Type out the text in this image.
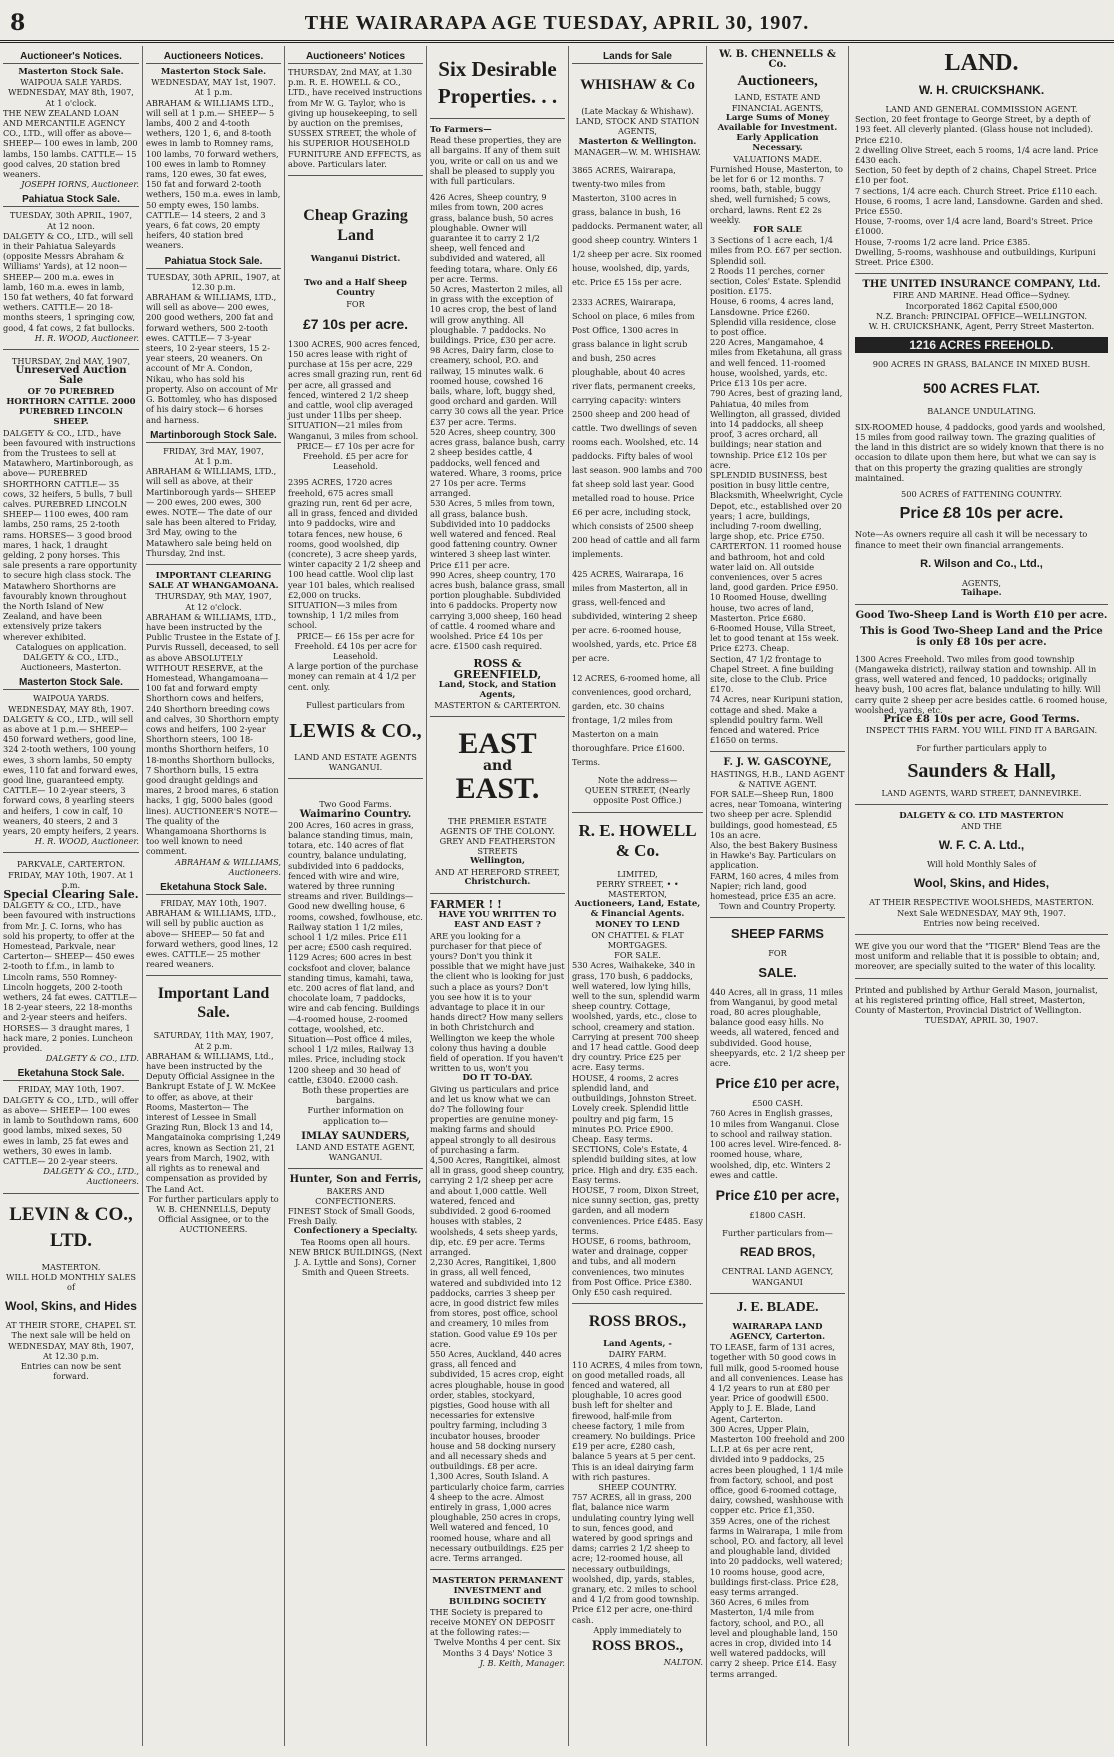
8	THE WAIRARAPA AGE TUESDAY, APRIL 30, 1907.
Auctioneer's Notices.
Masterton Stock Sale.
WAIPOUA SALE YARDS.
WEDNESDAY, MAY 8th, 1907,
At 1 o'clock.

THE NEW ZEALAND LOAN AND MERCANTILE AGENCY CO., LTD., will offer as above— SHEEP— 100 ewes in lamb, 200 lambs, 150 lambs. CATTLE— 15 good calves, 20 station bred weaners.

JOSEPH IORNS, Auctioneer.
Pahiatua Stock Sale.
TUESDAY, 30th APRIL, 1907,
At 12 noon.

DALGETY & CO., LTD., will sell in their Pahiatua Saleyards (opposite Messrs Abraham & Williams' Yards), at 12 noon— SHEEP— 200 m.a. ewes in lamb, 160 m.a. ewes in lamb, 150 fat wethers, 40 fat forward wethers. CATTLE— 20 18-months steers, 1 springing cow, good, 4 fat cows, 2 fat bullocks.

H. R. WOOD, Auctioneer.
THURSDAY, 2nd MAY, 1907,
Unreserved Auction Sale
OF 70 PUREBRED HORTHORN CATTLE. 2000 PUREBRED LINCOLN SHEEP.

DALGETY & CO., LTD., have been favoured with instructions from the Trustees to sell at Matawhero, Martinborough, as above— PUREBRED SHORTHORN CATTLE— 35 cows, 32 heifers, 5 bulls, 7 bull calves. PUREBRED LINCOLN SHEEP— 1100 ewes, 400 ram lambs, 250 rams, 25 2-tooth rams. HORSES— 3 good brood mares, 1 hack, 1 draught gelding, 2 pony horses. This sale presents a rare opportunity to secure high class stock. The Matawhero Shorthorns are favourably known throughout the North Island of New Zealand, and have been extensively prize takers wherever exhibited.

Catalogues on application. DALGETY & CO., LTD., Auctioneers, Masterton.
Masterton Stock Sale.
WAIPOUA YARDS.
WEDNESDAY, MAY 8th, 1907.

DALGETY & CO., LTD., will sell as above at 1 p.m.— SHEEP— 450 forward wethers, good line, 324 2-tooth wethers, 100 young ewes, 3 shorn lambs, 50 empty ewes, 110 fat and forward ewes, good line, guaranteed empty. CATTLE— 10 2-year steers, 3 forward cows, 8 yearling steers and heifers, 1 cow in calf, 10 weaners, 40 steers, 2 and 3 years, 20 empty heifers, 2 years.

H. R. WOOD, Auctioneer.
PARKVALE, CARTERTON. FRIDAY, MAY 10th, 1907. At 1 p.m.
Special Clearing Sale.

DALGETY & CO., LTD., have been favoured with instructions from Mr. J. C. Iorns, who has sold his property, to offer at the Homestead, Parkvale, near Carterton— SHEEP— 450 ewes 2-tooth to f.f.m., in lamb to Lincoln rams, 550 Romney-Lincoln hoggets, 200 2-tooth wethers, 24 fat ewes. CATTLE— 18 2-year steers, 22 18-months and 2-year steers and heifers. HORSES— 3 draught mares, 1 hack mare, 2 ponies. Luncheon provided.

DALGETY & CO., LTD.
Eketahuna Stock Sale.
FRIDAY, MAY 10th, 1907.

DALGETY & CO., LTD., will offer as above— SHEEP— 100 ewes in lamb to Southdown rams, 600 good lambs, mixed sexes, 50 ewes in lamb, 25 fat ewes and wethers, 30 ewes in lamb. CATTLE— 20 2-year steers.

DALGETY & CO., LTD., Auctioneers.
LEVIN & CO., LTD.
MASTERTON.
WILL HOLD MONTHLY SALES of
Wool, Skins, and Hides
AT THEIR STORE, CHAPEL ST.
The next sale will be held on WEDNESDAY, MAY 8th, 1907, At 12.30 p.m.
Entries can now be sent forward.
Auctioneers Notices.
Masterton Stock Sale.
WEDNESDAY, MAY 1st, 1907.
At 1 p.m.

ABRAHAM & WILLIAMS LTD., will sell at 1 p.m.— SHEEP— 5 lambs, 400 2 and 4-tooth wethers, 120 1, 6, and 8-tooth ewes in lamb to Romney rams, 100 lambs, 70 forward wethers, 100 ewes in lamb to Romney rams, 120 ewes, 30 fat ewes, 150 fat and forward 2-tooth wethers, 150 m.a. ewes in lamb, 50 empty ewes, 150 lambs. CATTLE— 14 steers, 2 and 3 years, 6 fat cows, 20 empty heifers, 40 station bred weaners.

Pahiatua Stock Sale.
TUESDAY, 30th APRIL, 1907, at 12.30 p.m.

ABRAHAM & WILLIAMS, LTD., will sell as above— 200 ewes, 200 good wethers, 200 fat and forward wethers, 500 2-tooth ewes. CATTLE— 7 3-year steers, 10 2-year steers, 15 2-year steers, 20 weaners. On account of Mr A. Condon, Nikau, who has sold his property. Also on account of Mr G. Bottomley, who has disposed of his dairy stock— 6 horses and harness.

Martinborough Stock Sale.
FRIDAY, 3rd MAY, 1907,
At 1 p.m.

ABRAHAM & WILLIAMS, LTD., will sell as above, at their Martinborough yards— SHEEP— 200 ewes, 200 ewes, 300 ewes. NOTE— The date of our sale has been altered to Friday, 3rd May, owing to the Matawhero sale being held on Thursday, 2nd inst.

IMPORTANT CLEARING SALE AT WHANGAMOANA.
THURSDAY, 9th MAY, 1907,
At 12 o'clock.

ABRAHAM & WILLIAMS, LTD., have been instructed by the Public Trustee in the Estate of J. Purvis Russell, deceased, to sell as above ABSOLUTELY WITHOUT RESERVE, at the Homestead, Whangamoana— 100 fat and forward empty Shorthorn cows and heifers, 240 Shorthorn breeding cows and calves, 30 Shorthorn empty cows and heifers, 100 2-year Shorthorn steers, 100 18-months Shorthorn heifers, 10 18-months Shorthorn bullocks, 7 Shorthorn bulls, 15 extra good draught geldings and mares, 2 brood mares, 6 station hacks, 1 gig, 5000 bales (good lines). AUCTIONEER'S NOTE— The quality of the Whangamoana Shorthorns is too well known to need comment.

ABRAHAM & WILLIAMS, Auctioneers.
Eketahuna Stock Sale.
FRIDAY, MAY 10th, 1907.

ABRAHAM & WILLIAMS, LTD., will sell by public auction as above— SHEEP— 50 fat and forward wethers, good lines, 12 ewes. CATTLE— 25 mother reared weaners.

Important Land Sale.
SATURDAY, 11th MAY, 1907,
At 2 p.m.

ABRAHAM & WILLIAMS, Ltd., have been instructed by the Deputy Official Assignee in the Bankrupt Estate of J. W. McKee to offer, as above, at their Rooms, Masterton— The interest of Lessee in Small Grazing Run, Block 13 and 14, Mangatainoka comprising 1,249 acres, known as Section 21, 21 years from March, 1902, with all rights as to renewal and compensation as provided by The Land Act.

For further particulars apply to W. B. CHENNELLS, Deputy Official Assignee, or to the AUCTIONEERS.
Auctioneers' Notices

THURSDAY, 2nd MAY, at 1.30 p.m. R. E. HOWELL & CO., LTD., have received instructions from Mr W. G. Taylor, who is giving up housekeeping, to sell by auction on the premises, SUSSEX STREET, the whole of his SUPERIOR HOUSEHOLD FURNITURE AND EFFECTS, as above. Particulars later.

Cheap Grazing Land
Wanganui District.
Two and a Half Sheep Country
FOR
£7 10s per acre.

1300 ACRES, 900 acres fenced, 150 acres lease with right of purchase at 15s per acre, 229 acres small grazing run, rent 6d per acre, all grassed and fenced, wintered 2 1/2 sheep and cattle, wool clip averaged just under 11lbs per sheep.

SITUATION—21 miles from Wanganui, 3 miles from school.

PRICE— £7 10s per acre for Freehold. £5 per acre for Leasehold.

2395 ACRES, 1720 acres freehold, 675 acres small grazing run, rent 6d per acre, all in grass, fenced and divided into 9 paddocks, wire and totara fences, new house, 6 rooms, good woolshed, dip (concrete), 3 acre sheep yards, winter capacity 2 1/2 sheep and 100 head cattle. Wool clip last year 101 bales, which realised £2,000 on trucks.

SITUATION—3 miles from township, 1 1/2 miles from school.

PRICE— £6 15s per acre for Freehold. £4 10s per acre for Leasehold.

A large portion of the purchase money can remain at 4 1/2 per cent. only.

Fullest particulars from
LEWIS & CO.,
LAND AND ESTATE AGENTS WANGANUI.
Two Good Farms.
Waimarino Country.

200 Acres, 160 acres in grass, balance standing timus, main, totara, etc. 140 acres of flat country, balance undulating, subdivided into 6 paddocks, fenced with wire and wire, watered by three running streams and river. Buildings—Good new dwelling house, 6 rooms, cowshed, fowlhouse, etc. Railway station 1 1/2 miles, school 1 1/2 miles. Price £11 per acre; £500 cash required.

1129 Acres; 600 acres in best cocksfoot and clover, balance standing timus, kamahi, tawa, etc. 200 acres of flat land, and chocolate loam, 7 paddocks, wire and cab fencing. Buildings—4-roomed house, 2-roomed cottage, woolshed, etc. Situation—Post office 4 miles, school 1 1/2 miles, Railway 13 miles. Price, including stock 1200 sheep and 30 head of cattle, £3040. £2000 cash.

Both these properties are bargains.
Further information on application to—
IMLAY SAUNDERS,
LAND AND ESTATE AGENT, WANGANUI.
Hunter, Son and Ferris,
BAKERS AND CONFECTIONERS.

FINEST Stock of Small Goods, Fresh Daily.

Confectionery a Specialty.
Tea Rooms open all hours.
NEW BRICK BUILDINGS, (Next J. A. Lyttle and Sons), Corner Smith and Queen Streets.
Six Desirable Properties. . .
To Farmers—

Read these properties, they are all bargains. If any of them suit you, write or call on us and we shall be pleased to supply you with full particulars.

426 Acres, Sheep country, 9 miles from town, 200 acres grass, balance bush, 50 acres ploughable. Owner will guarantee it to carry 2 1/2 sheep, well fenced and subdivided and watered, all feeding totara, whare. Only £6 per acre. Terms.

50 Acres, Masterton 2 miles, all in grass with the exception of 10 acres crop, the best of land will grow anything. All ploughable. 7 paddocks. No buildings. Price, £30 per acre.

98 Acres, Dairy farm, close to creamery, school, P.O. and railway, 15 minutes walk. 6 roomed house, cowshed 16 bails, whare, loft, buggy shed, good orchard and garden. Will carry 30 cows all the year. Price £37 per acre. Terms.

520 Acres, sheep country, 300 acres grass, balance bush, carry 2 sheep besides cattle, 4 paddocks, well fenced and watered. Whare, 3 rooms, price 27 10s per acre. Terms arranged.

530 Acres, 5 miles from town, all grass, balance bush. Subdivided into 10 paddocks well watered and fenced. Real good fattening country. Owner wintered 3 sheep last winter. Price £11 per acre.

990 Acres, sheep country, 170 acres bush, balance grass, small portion ploughable. Subdivided into 6 paddocks. Property now carrying 3,000 sheep, 160 head of cattle. 4 roomed whare and woolshed. Price £4 10s per acre. £1500 cash required.

ROSS & GREENFIELD,
Land, Stock, and Station Agents,
MASTERTON & CARTERTON.
EAST
and
EAST.
THE PREMIER ESTATE AGENTS OF THE COLONY.
GREY AND FEATHERSTON STREETS
Wellington,
AND AT HEREFORD STREET,
Christchurch.
FARMER ! !
HAVE YOU WRITTEN TO EAST AND EAST ?

ARE you looking for a purchaser for that piece of yours? Don't you think it possible that we might have just the client who is looking for just such a place as yours? Don't you see how it is to your advantage to place it in our hands direct? How many sellers in both Christchurch and Wellington we keep the whole colony thus having a double field of operation. If you haven't written to us, won't you

DO IT TO-DAY.

Giving us particulars and price and let us know what we can do? The following four properties are genuine money-making farms and should appeal strongly to all desirous of purchasing a farm.

4,500 Acres, Rangitikei, almost all in grass, good sheep country, carrying 2 1/2 sheep per acre and about 1,000 cattle. Well watered, fenced and subdivided. 2 good 6-roomed houses with stables, 2 woolsheds, 4 sets sheep yards, dip, etc. £9 per acre. Terms arranged.

2,230 Acres, Rangitikei, 1,800 in grass, all well fenced, watered and subdivided into 12 paddocks, carries 3 sheep per acre, in good district few miles from stores, post office, school and creamery, 10 miles from station. Good value £9 10s per acre.

550 Acres, Auckland, 440 acres grass, all fenced and subdivided, 15 acres crop, eight acres ploughable, house in good order, stables, stockyard, pigsties, Good house with all necessaries for extensive poultry farming, including 3 incubator houses, brooder house and 58 docking nursery and all necessary sheds and outbuildings. £8 per acre.

1,300 Acres, South Island. A particularly choice farm, carries 4 sheep to the acre. Almost entirely in grass, 1,000 acres ploughable, 250 acres in crops, Well watered and fenced, 10 roomed house, whare and all necessary outbuildings. £25 per acre. Terms arranged.

MASTERTON PERMANENT INVESTMENT and BUILDING SOCIETY

THE Society is prepared to receive MONEY ON DEPOSIT at the following rates:—

Twelve Months 4 per cent. Six Months 3 4 Days' Notice 3
J. B. Keith, Manager.
Lands for Sale
WHISHAW & Co
(Late Mackay & Whishaw).
LAND, STOCK AND STATION AGENTS,
Masterton & Wellington.
MANAGER—W. M. WHISHAW.

3865 ACRES, Wairarapa, twenty-two miles from Masterton, 3100 acres in grass, balance in bush, 16 paddocks. Permanent water, all good sheep country. Winters 1 1/2 sheep per acre. Six roomed house, woolshed, dip, yards, etc. Price £5 15s per acre.

2333 ACRES, Wairarapa, School on place, 6 miles from Post Office, 1300 acres in grass balance in light scrub and bush, 250 acres ploughable, about 40 acres river flats, permanent creeks, carrying capacity: winters 2500 sheep and 200 head of cattle. Two dwellings of seven rooms each. Woolshed, etc. 14 paddocks. Fifty bales of wool last season. 900 lambs and 700 fat sheep sold last year. Good metalled road to house. Price £6 per acre, including stock, which consists of 2500 sheep 200 head of cattle and all farm implements.

425 ACRES, Wairarapa, 16 miles from Masterton, all in grass, well-fenced and subdivided, wintering 2 sheep per acre. 6-roomed house, woolshed, yards, etc. Price £8 per acre.

12 ACRES, 6-roomed home, all conveniences, good orchard, garden, etc. 30 chains frontage, 1/2 miles from Masterton on a main thoroughfare. Price £1600. Terms.

Note the address—
QUEEN STREET, (Nearly opposite Post Office.)
R. E. HOWELL & Co.
LIMITED,
PERRY STREET, • • MASTERTON,
Auctioneers, Land, Estate, & Financial Agents.
MONEY TO LEND
ON CHATTEL & FLAT MORTGAGES.
FOR SALE.

530 Acres, Waihakeke, 340 in grass, 170 bush, 6 paddocks, well watered, low lying hills, well to the sun, splendid warm sheep country. Cottage, woolshed, yards, etc., close to school, creamery and station. Carrying at present 700 sheep and 17 head cattle. Good deep dry country. Price £25 per acre. Easy terms.

HOUSE, 4 rooms, 2 acres splendid land, and outbuildings, Johnston Street. Lovely creek. Splendid little poultry and pig farm, 15 minutes P.O. Price £900. Cheap. Easy terms.

SECTIONS, Cole's Estate, 4 splendid building sites, at low price. High and dry. £35 each. Easy terms.

HOUSE, 7 room, Dixon Street, nice sunny section, gas, pretty garden, and all modern conveniences. Price £485. Easy terms.

HOUSE, 6 rooms, bathroom, water and drainage, copper and tubs, and all modern conveniences, two minutes from Post Office. Price £380. Only £50 cash required.

ROSS BROS.,
Land Agents, -
DAIRY FARM.

110 ACRES, 4 miles from town, on good metalled roads, all fenced and watered, all ploughable, 10 acres good bush left for shelter and firewood, half-mile from cheese factory, 1 mile from creamery. No buildings. Price £19 per acre, £280 cash, balance 5 years at 5 per cent. This is an ideal dairying farm with rich pastures.

SHEEP COUNTRY.

757 ACRES, all in grass, 200 flat, balance nice warm undulating country lying well to sun, fences good, and watered by good springs and dams; carries 2 1/2 sheep to acre; 12-roomed house, all necessary outbuildings, woolshed, dip, yards, stables, granary, etc. 2 miles to school and 4 1/2 from good township. Price £12 per acre, one-third cash.

Apply immediately to
ROSS BROS.,
NALTON.
W. B. CHENNELLS & Co.
Auctioneers,
LAND, ESTATE AND FINANCIAL AGENTS,
Large Sums of Money Available for Investment.
Early Application Necessary.
VALUATIONS MADE.

Furnished House, Masterton, to be let for 6 or 12 months. 7 rooms, bath, stable, buggy shed, well furnished; 5 cows, orchard, lawns. Rent £2 2s weekly.

FOR SALE

3 Sections of 1 acre each, 1/4 miles from P.O. £67 per section. Splendid soil.

2 Roods 11 perches, corner section, Coles' Estate. Splendid position. £175.

House, 6 rooms, 4 acres land, Lansdowne. Price £260. Splendid villa residence, close to post office.

220 Acres, Mangamahoe, 4 miles from Eketahuna, all grass and well fenced. 11-roomed house, woolshed, yards, etc. Price £13 10s per acre.

790 Acres, best of grazing land, Pahiatua, 40 miles from Wellington, all grassed, divided into 14 paddocks, all sheep proof, 3 acres orchard, all buildings; near station and township. Price £12 10s per acre.

SPLENDID BUSINESS, best position in busy little centre, Blacksmith, Wheelwright, Cycle Depot, etc., established over 20 years; 1 acre, buildings, including 7-room dwelling, large shop, etc. Price £750.

CARTERTON. 11 roomed house and bathroom, hot and cold water laid on. All outside conveniences, over 5 acres land, good garden. Price £950.

10 Roomed House, dwelling house, two acres of land, Masterton. Price £680.

6-Roomed House, Villa Street, let to good tenant at 15s week. Price £273. Cheap.

Section, 47 1/2 frontage to Chapel Street. A fine building site, close to the Club. Price £170.

74 Acres, near Kuripuni station, cottage and shed. Make a splendid poultry farm. Well fenced and watered. Price £1650 on terms.

F. J. W. GASCOYNE,
HASTINGS, H.B., LAND AGENT & NATIVE AGENT.

FOR SALE—Sheep Run, 1800 acres, near Tomoana, wintering two sheep per acre. Splendid buildings, good homestead, £5 10s an acre.

Also, the best Bakery Business in Hawke's Bay. Particulars on application.

FARM, 160 acres, 4 miles from Napier; rich land, good homestead, price £35 an acre.

Town and Country Property.
SHEEP FARMS
FOR
SALE.

440 Acres, all in grass, 11 miles from Wanganui, by good metal road, 80 acres ploughable, balance good easy hills. No weeds, all watered, fenced and subdivided. Good house, sheepyards, etc. 2 1/2 sheep per acre.

Price £10 per acre,
£500 CASH.

760 Acres in English grasses, 10 miles from Wanganui. Close to school and railway station. 100 acres level. Wire-fenced. 8-roomed house, whare, woolshed, dip, etc. Winters 2 ewes and cattle.

Price £10 per acre,
£1800 CASH.
Further particulars from—
READ BROS,
CENTRAL LAND AGENCY, WANGANUI
J. E. BLADE.
WAIRARAPA LAND AGENCY, Carterton.

TO LEASE, farm of 131 acres, together with 50 good cows in full milk, good 5-roomed house and all conveniences. Lease has 4 1/2 years to run at £80 per year. Price of goodwill £500. Apply to J. E. Blade, Land Agent, Carterton.

300 Acres, Upper Plain, Masterton 100 freehold and 200 L.I.P. at 6s per acre rent, divided into 9 paddocks, 25 acres been ploughed, 1 1/4 mile from factory, school, and post office, good 6-roomed cottage, dairy, cowshed, washhouse with copper etc. Price £1,350.

359 Acres, one of the richest farms in Wairarapa, 1 mile from school, P.O. and factory, all level and ploughable land, divided into 20 paddocks, well watered; 10 rooms house, good acre, buildings first-class. Price £28, easy terms arranged.

360 Acres, 6 miles from Masterton, 1/4 mile from factory, school, and P.O., all level and ploughable land, 150 acres in crop, divided into 14 well watered paddocks, will carry 2 sheep. Price £14. Easy terms arranged.

LAND.
W. H. CRUICKSHANK.
LAND AND GENERAL COMMISSION AGENT.

Section, 20 feet frontage to George Street, by a depth of 193 feet. All cleverly planted. (Glass house not included). Price £210.

2 dwelling Olive Street, each 5 rooms, 1/4 acre land. Price £430 each.

Section, 50 feet by depth of 2 chains, Chapel Street. Price £10 per foot.

7 sections, 1/4 acre each. Church Street. Price £110 each.

House, 6 rooms, 1 acre land, Lansdowne. Garden and shed. Price £550.

House, 7-rooms, over 1/4 acre land, Board's Street. Price £1000.

House, 7-rooms 1/2 acre land. Price £385.

Dwelling, 5-rooms, washhouse and outbuildings, Kuripuni Street. Price £300.

THE UNITED INSURANCE COMPANY, Ltd.
FIRE AND MARINE. Head Office—Sydney.
Incorporated 1862 Capital £500,000
N.Z. Branch: PRINCIPAL OFFICE—WELLINGTON.
W. H. CRUICKSHANK, Agent, Perry Street Masterton.
1216 ACRES FREEHOLD.
900 ACRES IN GRASS, BALANCE IN MIXED BUSH.
500 ACRES FLAT.
BALANCE UNDULATING.

SIX-ROOMED house, 4 paddocks, good yards and woolshed, 15 miles from good railway town. The grazing qualities of the land in this district are so widely known that there is no occasion to dilate upon them here, but what we can say is that on this property the grazing qualities are strongly maintained.

500 ACRES of FATTENING COUNTRY.
Price £8 10s per acre.

Note—As owners require all cash it will be necessary to finance to meet their own financial arrangements.

R. Wilson and Co., Ltd.,
AGENTS,
Taihape.
Good Two-Sheep Land is Worth £10 per acre.
This is Good Two-Sheep Land and the Price is only £8 10s per acre.

1300 Acres Freehold. Two miles from good township (Mangaweka district), railway station and township. All in grass, well watered and fenced, 10 paddocks; originally heavy bush, 100 acres flat, balance undulating to hilly. Will carry quite 2 sheep per acre besides cattle. 6 roomed house, woolshed, yards, etc.

Price £8 10s per acre, Good Terms.
INSPECT THIS FARM. YOU WILL FIND IT A BARGAIN.
For further particulars apply to
Saunders & Hall,
LAND AGENTS, WARD STREET, DANNEVIRKE.
DALGETY & CO. LTD MASTERTON
AND THE
W. F. C. A. Ltd.,
Will hold Monthly Sales of
Wool, Skins, and Hides,
AT THEIR RESPECTIVE WOOLSHEDS, MASTERTON.
Next Sale WEDNESDAY, MAY 9th, 1907.
Entries now being received.

WE give you our word that the "TIGER" Blend Teas are the most uniform and reliable that it is possible to obtain; and, moreover, are specially suited to the water of this locality.

Printed and published by Arthur Gerald Mason, journalist, at his registered printing office, Hall street, Masterton, County of Masterton, Provincial District of Wellington.

TUESDAY, APRIL 30, 1907.
